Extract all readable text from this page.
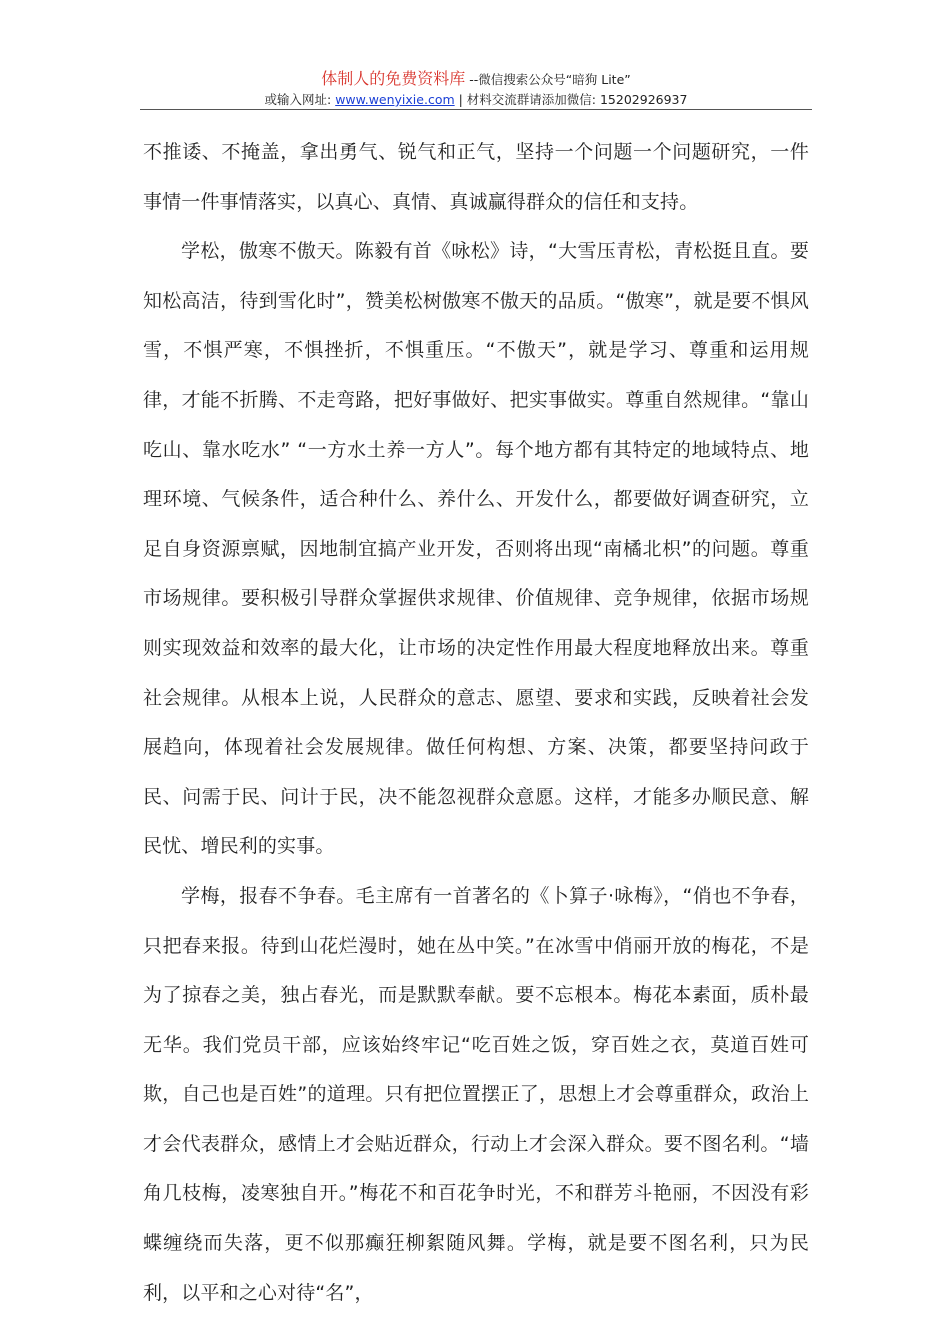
体制人的免费资料库 --微信搜索公众号“暗狗 Lite”
或输入网址: www.wenyixie.com | 材料交流群请添加微信: 15202926937

不推诿、不掩盖，拿出勇气、锐气和正气，坚持一个问题一个问题研究，一件事情一件事情落实，以真心、真情、真诚赢得群众的信任和支持。

学松，傲寒不傲天。陈毅有首《咏松》诗，“大雪压青松，青松挺且直。要知松高洁，待到雪化时”，赞美松树傲寒不傲天的品质。“傲寒”，就是要不惧风雪，不惧严寒，不惧挫折，不惧重压。“不傲天”，就是学习、尊重和运用规律，才能不折腾、不走弯路，把好事做好、把实事做实。尊重自然规律。“靠山吃山、靠水吃水” “一方水土养一方人”。每个地方都有其特定的地域特点、地理环境、气候条件，适合种什么、养什么、开发什么，都要做好调查研究，立足自身资源禀赋，因地制宜搞产业开发，否则将出现“南橘北枳”的问题。尊重市场规律。要积极引导群众掌握供求规律、价值规律、竞争规律，依据市场规则实现效益和效率的最大化，让市场的决定性作用最大程度地释放出来。尊重社会规律。从根本上说，人民群众的意志、愿望、要求和实践，反映着社会发展趋向，体现着社会发展规律。做任何构想、方案、决策，都要坚持问政于民、问需于民、问计于民，决不能忽视群众意愿。这样，才能多办顺民意、解民忧、增民利的实事。

学梅，报春不争春。毛主席有一首著名的《卜算子·咏梅》，“俏也不争春，只把春来报。待到山花烂漫时，她在丛中笑。”在冰雪中俏丽开放的梅花，不是为了掠春之美，独占春光，而是默默奉献。要不忘根本。梅花本素面，质朴最无华。我们党员干部，应该始终牢记“吃百姓之饭，穿百姓之衣，莫道百姓可欺，自己也是百姓”的道理。只有把位置摆正了，思想上才会尊重群众，政治上才会代表群众，感情上才会贴近群众，行动上才会深入群众。要不图名利。“墙角几枝梅，凌寒独自开。”梅花不和百花争时光，不和群芳斗艳丽，不因没有彩蝶缠绕而失落，更不似那癫狂柳絮随风舞。学梅，就是要不图名利，只为民利，以平和之心对待“名”，
